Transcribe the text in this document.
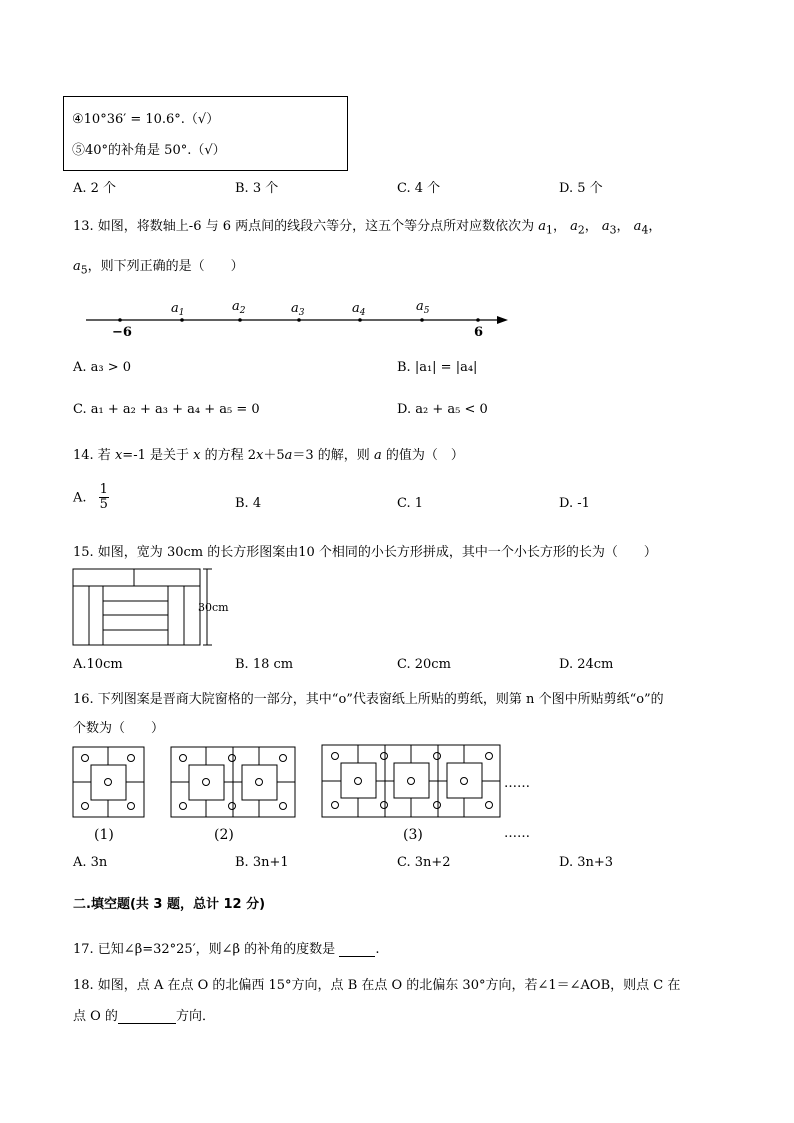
④10°36′ = 10.6°.（√）
⑤40°的补角是 50°.（√）
A. 2 个	B. 3 个	C. 4 个	D. 5 个
13. 如图，将数轴上-6 与 6 两点间的线段六等分，这五个等分点所对应数依次为 $a_1$， $a_2$， $a_3$， $a_4$，
$a_5$，则下列正确的是（　　）
−6	6
$a_1$	$a_2$	$a_3$	$a_4$	$a_5$
A. a₃ > 0	B. |a₁| = |a₄|
C. a₁ + a₂ + a₃ + a₄ + a₅ = 0	D. a₂ + a₅ < 0
14. 若 x=-1 是关于 x 的方程 2x＋5a＝3 的解，则 a 的值为（　）
A. $\frac{1}{5}$	B. 4	C. 1	D. -1
15. 如图，宽为 30cm 的长方形图案由10 个相同的小长方形拼成，其中一个小长方形的长为（　　）
30cm
A.10cm	B. 18 cm	C. 20cm	D. 24cm
16. 下列图案是晋商大院窗格的一部分，其中“o”代表窗纸上所贴的剪纸，则第 n 个图中所贴剪纸“o”的
个数为（　　）
……
(1)	(2)	(3)	……
A. 3n	B. 3n+1	C. 3n+2	D. 3n+3
二.填空题(共 3 题，总计 12 分)
17. 已知∠β=32°25′，则∠β 的补角的度数是	.
18. 如图，点 A 在点 O 的北偏西 15°方向，点 B 在点 O 的北偏东 30°方向，若∠1＝∠AOB，则点 C 在
点 O 的	方向．
